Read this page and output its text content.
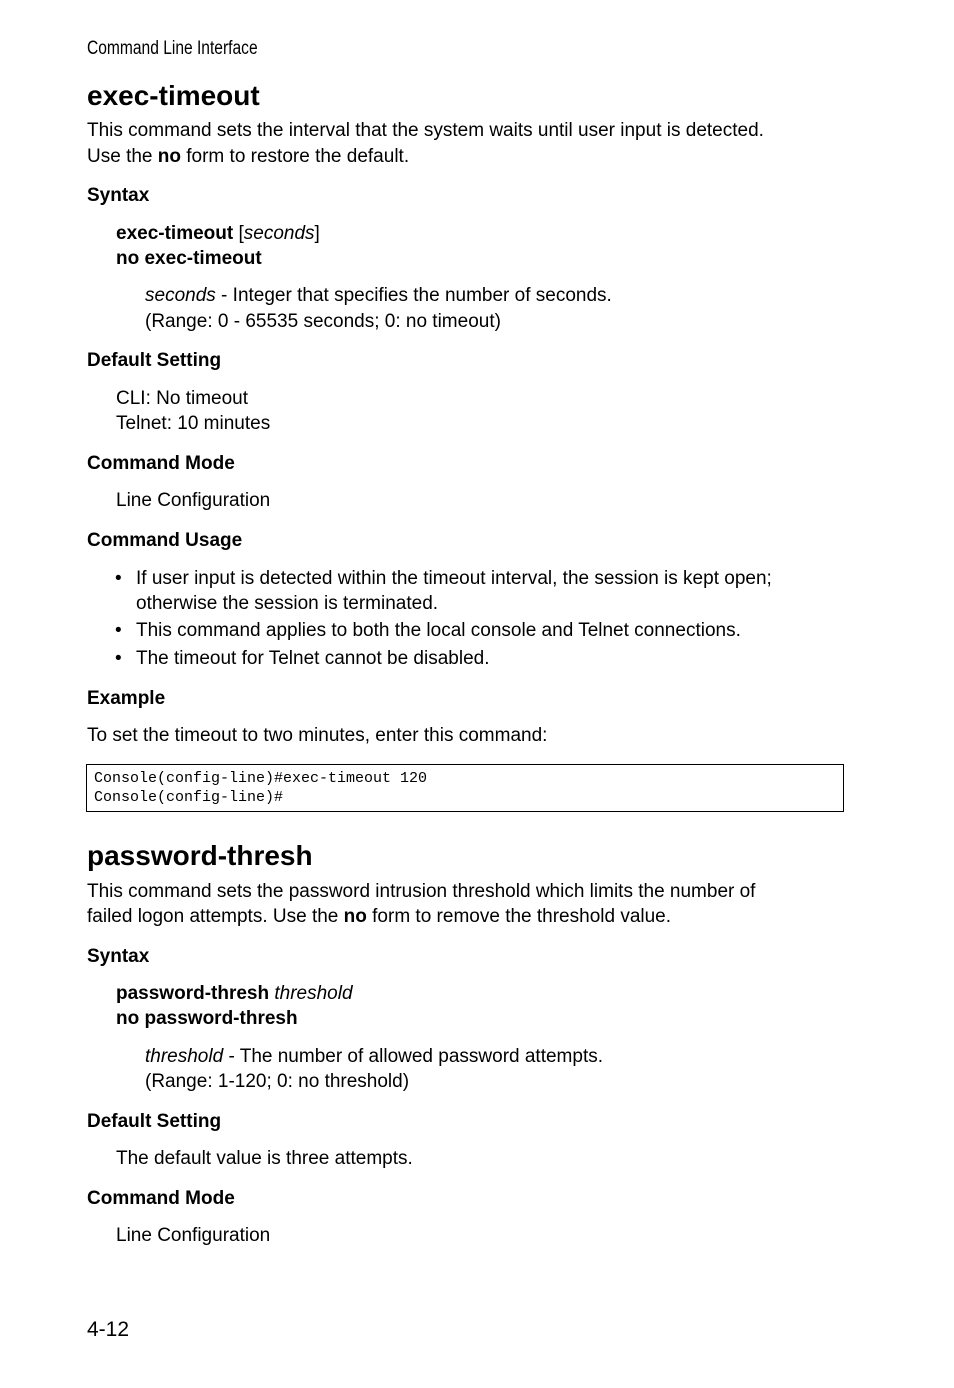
Command Line Interface
exec-timeout

This command sets the interval that the system waits until user input is detected.

Use the no form to restore the default.

Syntax

exec-timeout [seconds]

no exec-timeout

seconds - Integer that specifies the number of seconds.

(Range: 0 - 65535 seconds; 0: no timeout)

Default Setting

CLI: No timeout

Telnet: 10 minutes

Command Mode

Line Configuration

Command Usage
• If user input is detected within the timeout interval, the session is kept open;
otherwise the session is terminated.
• This command applies to both the local console and Telnet connections.
• The timeout for Telnet cannot be disabled.
Example

To set the timeout to two minutes, enter this command:

Console(config-line)#exec-timeout 120
Console(config-line)#
password-thresh

This command sets the password intrusion threshold which limits the number of

failed logon attempts. Use the no form to remove the threshold value.

Syntax

password-thresh threshold

no password-thresh

threshold - The number of allowed password attempts.

(Range: 1-120; 0: no threshold)

Default Setting

The default value is three attempts.

Command Mode

Line Configuration

4-12
